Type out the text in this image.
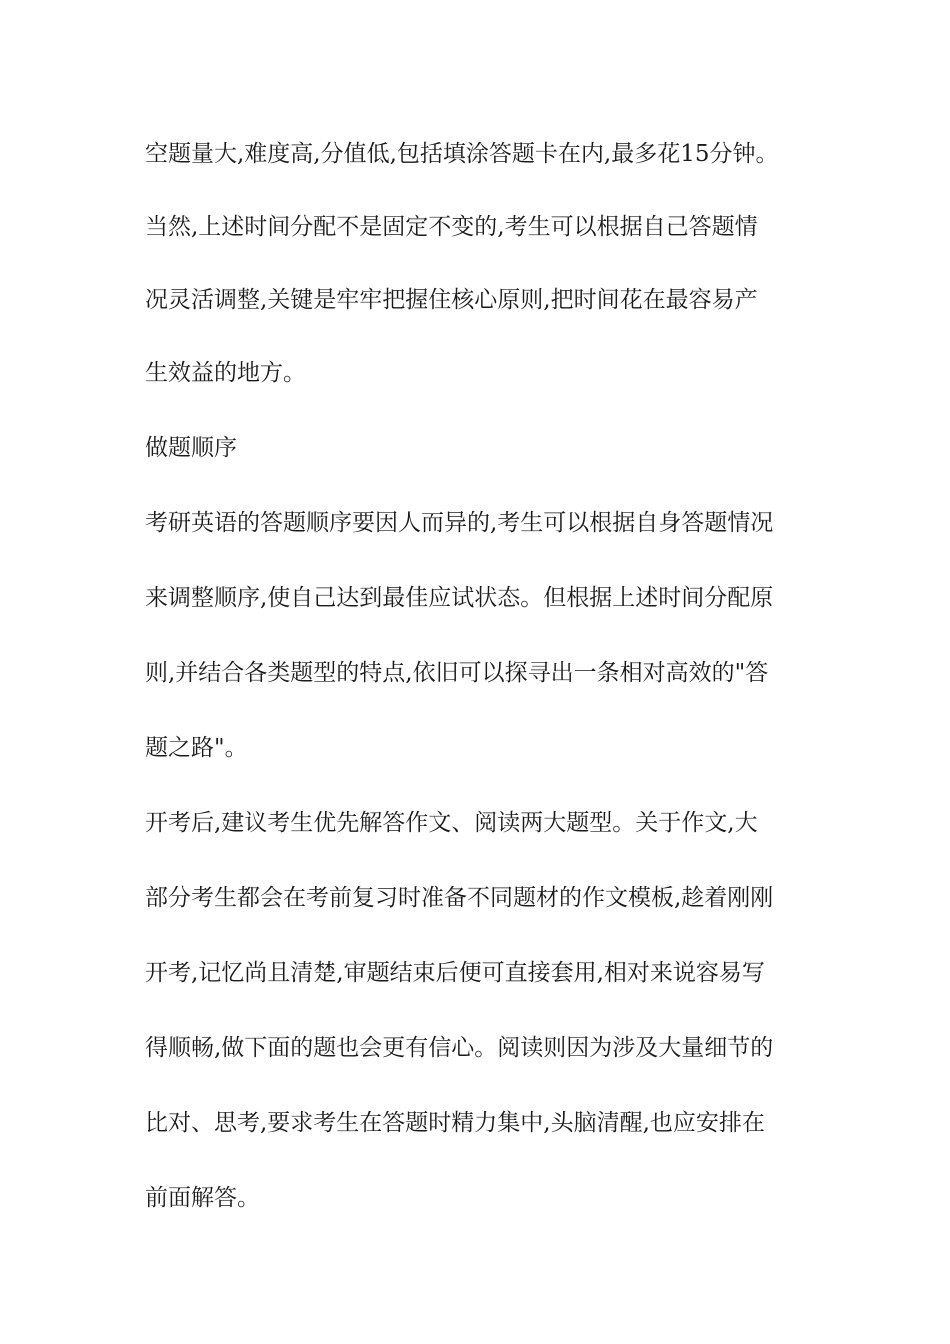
空题量大,难度高,分值低,包括填涂答题卡在内,最多花15分钟。

当然,上述时间分配不是固定不变的,考生可以根据自己答题情

况灵活调整,关键是牢牢把握住核心原则,把时间花在最容易产

生效益的地方。

做题顺序

考研英语的答题顺序要因人而异的,考生可以根据自身答题情况

来调整顺序,使自己达到最佳应试状态。但根据上述时间分配原

则,并结合各类题型的特点,依旧可以探寻出一条相对高效的"答

题之路"。

开考后,建议考生优先解答作文、阅读两大题型。关于作文,大

部分考生都会在考前复习时准备不同题材的作文模板,趁着刚刚

开考,记忆尚且清楚,审题结束后便可直接套用,相对来说容易写

得顺畅,做下面的题也会更有信心。阅读则因为涉及大量细节的

比对、思考,要求考生在答题时精力集中,头脑清醒,也应安排在

前面解答。
